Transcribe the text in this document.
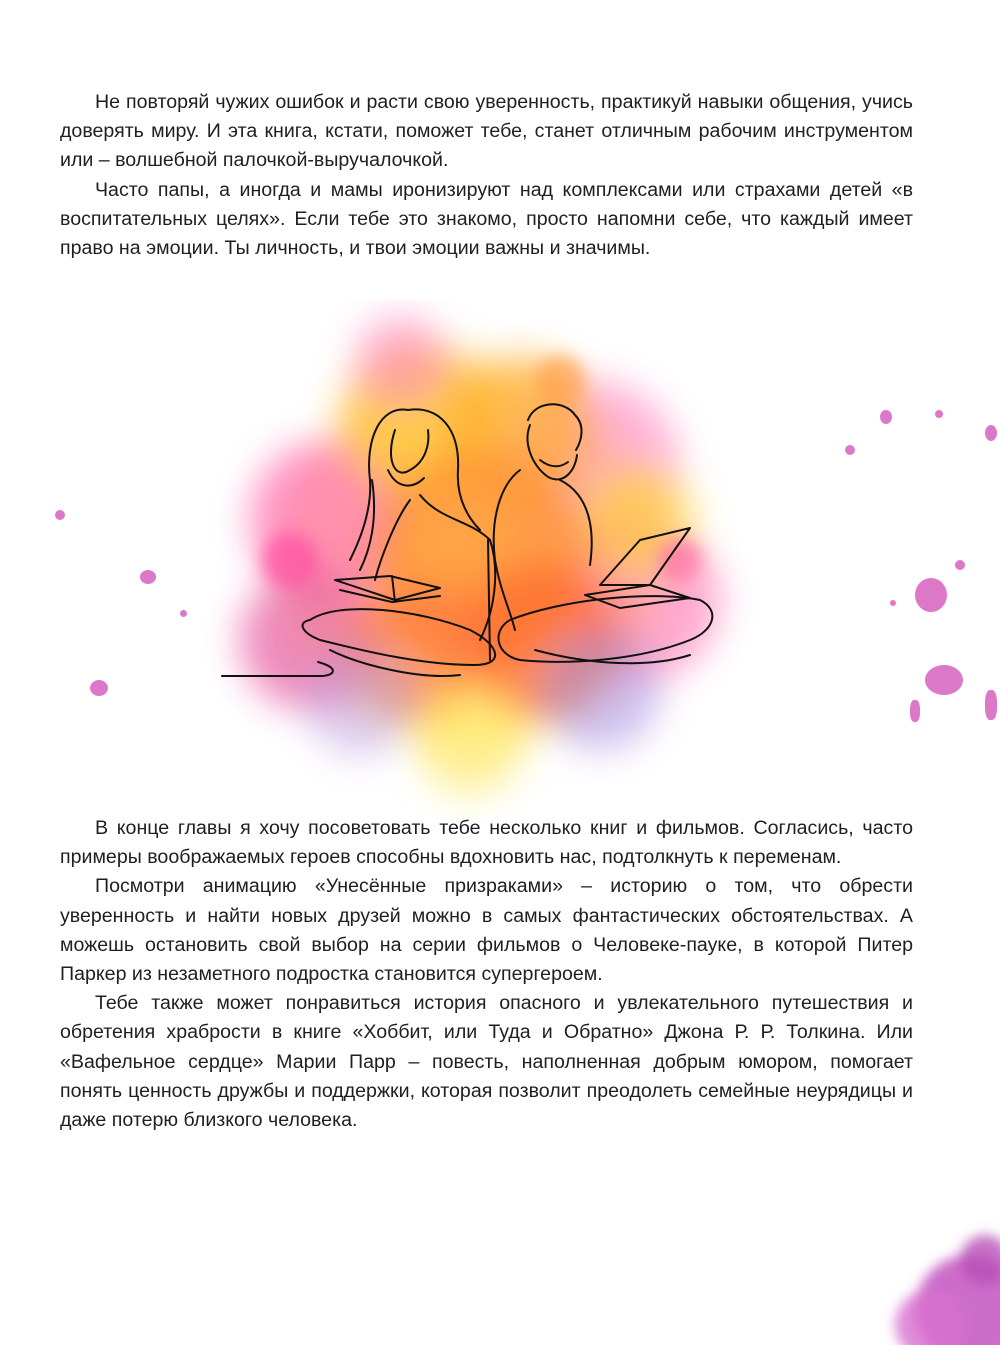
Не повторяй чужих ошибок и расти свою уверенность, практикуй навыки общения, учись доверять миру. И эта книга, кстати, поможет тебе, станет отличным рабочим инструментом или – волшебной палочкой-выручалочкой.

Часто папы, а иногда и мамы иронизируют над комплексами или страхами детей «в воспитательных целях». Если тебе это знакомо, просто напомни себе, что каждый имеет право на эмоции. Ты личность, и твои эмоции важны и значимы.

В конце главы я хочу посоветовать тебе несколько книг и фильмов. Согласись, часто примеры воображаемых героев способны вдохновить нас, подтолкнуть к переменам.

Посмотри анимацию «Унесённые призраками» – историю о том, что обрести уверенность и найти новых друзей можно в самых фантастических обстоятельствах. А можешь остановить свой выбор на серии фильмов о Человеке-пауке, в которой Питер Паркер из незаметного подростка становится супергероем.

Тебе также может понравиться история опасного и увлекательного путешествия и обретения храбрости в книге «Хоббит, или Туда и Обратно» Джона Р. Р. Толкина. Или «Вафельное сердце» Марии Парр – повесть, наполненная добрым юмором, помогает понять ценность дружбы и поддержки, которая позволит преодолеть семейные неурядицы и даже потерю близкого человека.
